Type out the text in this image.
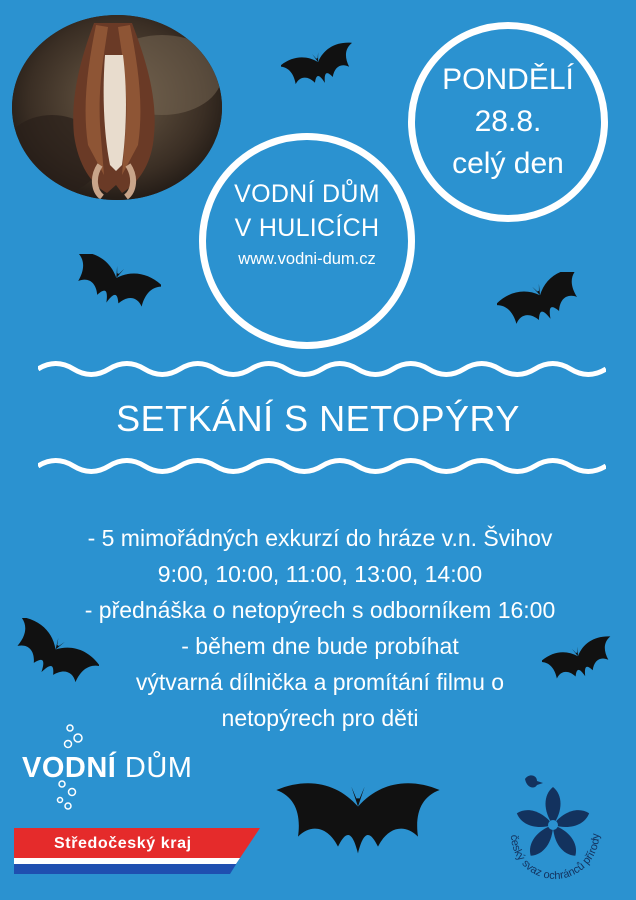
VODNÍ DŮM
V HULICÍCH
www.vodni-dum.cz
PONDĚLÍ
28.8.
celý den
SETKÁNÍ S NETOPÝRY
- 5 mimořádných exkurzí do hráze v.n. Švihov
9:00, 10:00, 11:00, 13:00, 14:00
- přednáška o netopýrech s odborníkem 16:00
- během dne bude probíhat
výtvarná dílnička a promítání filmu o
netopýrech pro děti
VODNÍ DŮM
Středočeský kraj	český svaz ochránců přírody
